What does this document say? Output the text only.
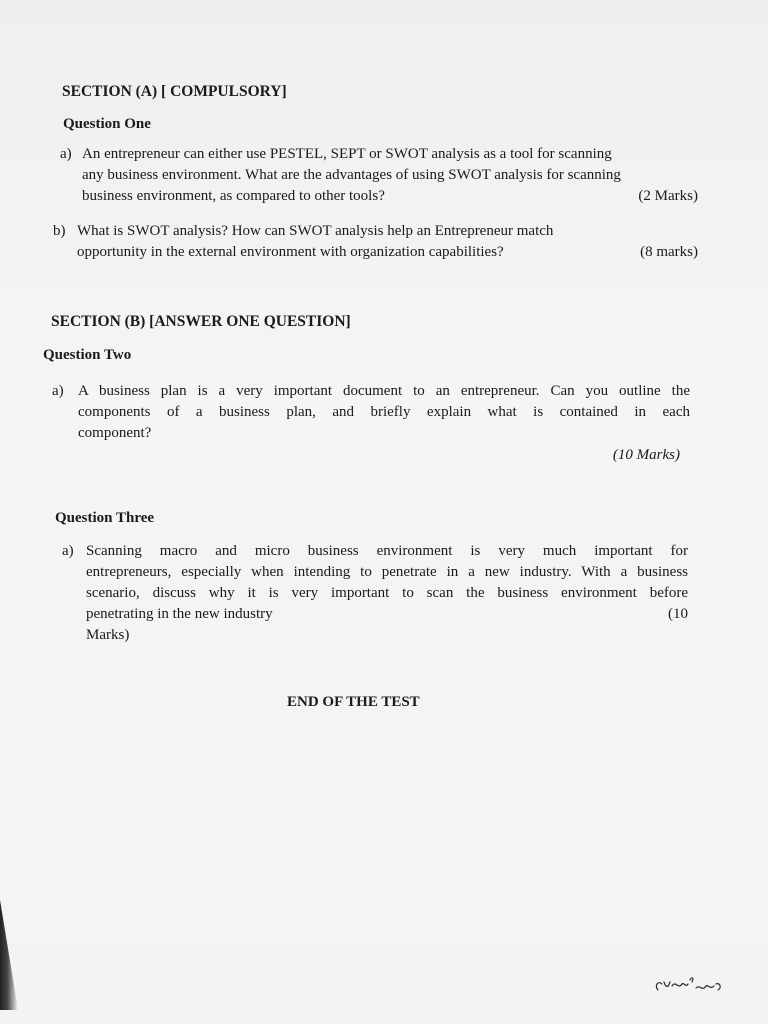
SECTION (A) [ COMPULSORY]
Question One
a) An entrepreneur can either use PESTEL, SEPT or SWOT analysis as a tool for scanning
any business environment. What are the advantages of using SWOT analysis for scanning
business environment, as compared to other tools?	(2 Marks)
b) What is SWOT analysis? How can SWOT analysis help an Entrepreneur match
opportunity in the external environment with organization capabilities?	(8 marks)
SECTION (B) [ANSWER ONE QUESTION]
Question Two
a) A business plan is a very important document to an entrepreneur. Can you outline the
components of a business plan, and briefly explain what is contained in each
component?
(10 Marks)
Question Three
a) Scanning macro and micro business environment is very much important for
entrepreneurs, especially when intending to penetrate in a new industry. With a business
scenario, discuss why it is very important to scan the business environment before
penetrating in the new industry	(10
Marks)
END OF THE TEST
